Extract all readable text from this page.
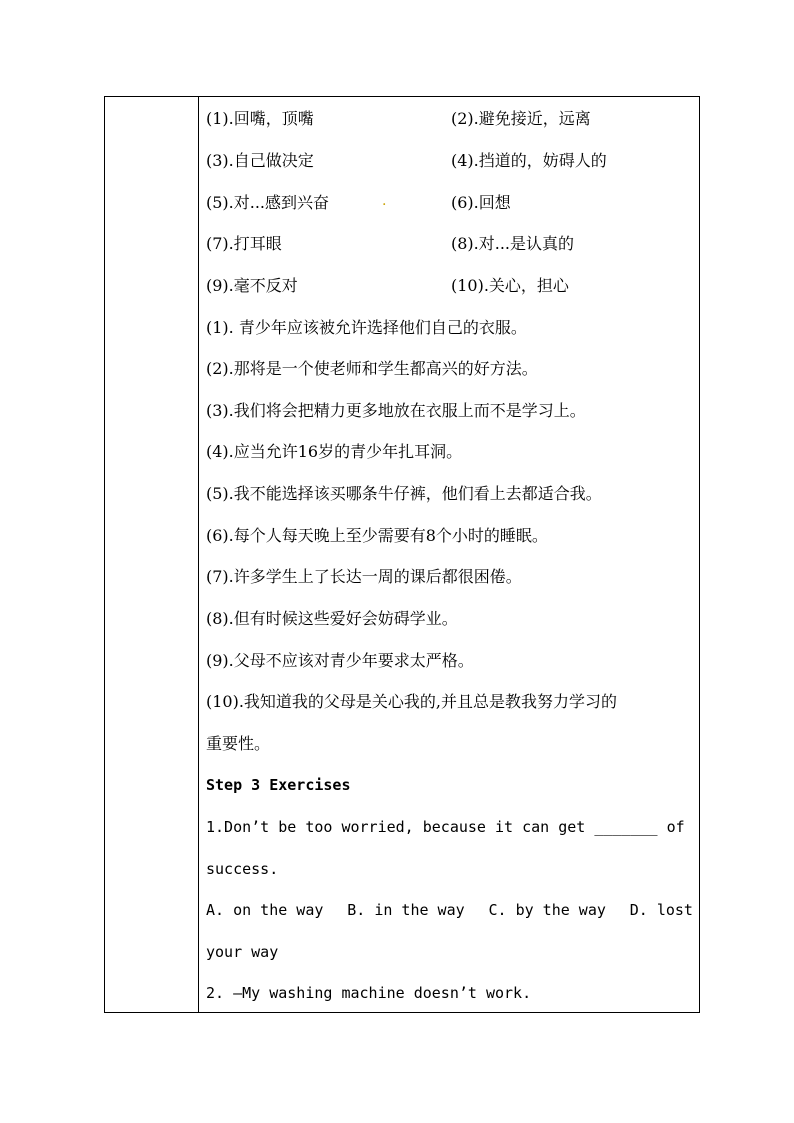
(1).回嘴，顶嘴	(2).避免接近，远离
(3).自己做决定	(4).挡道的，妨碍人的
(5).对...感到兴奋	.	(6).回想
(7).打耳眼	(8).对...是认真的
(9).毫不反对	(10).关心，担心
(1). 青少年应该被允许选择他们自己的衣服。
(2).那将是一个使老师和学生都高兴的好方法。
(3).我们将会把精力更多地放在衣服上而不是学习上。
(4).应当允许16岁的青少年扎耳洞。
(5).我不能选择该买哪条牛仔裤，他们看上去都适合我。
(6).每个人每天晚上至少需要有8个小时的睡眠。
(7).许多学生上了长达一周的课后都很困倦。
(8).但有时候这些爱好会妨碍学业。
(9).父母不应该对青少年要求太严格。
(10).我知道我的父母是关心我的,并且总是教我努力学习的
重要性。
Step 3 Exercises
1.Don’t be too worried, because it can get _______ of
success.
A. on the way B. in the way C. by the way D. lost
your way
2. —My washing machine doesn’t work.
